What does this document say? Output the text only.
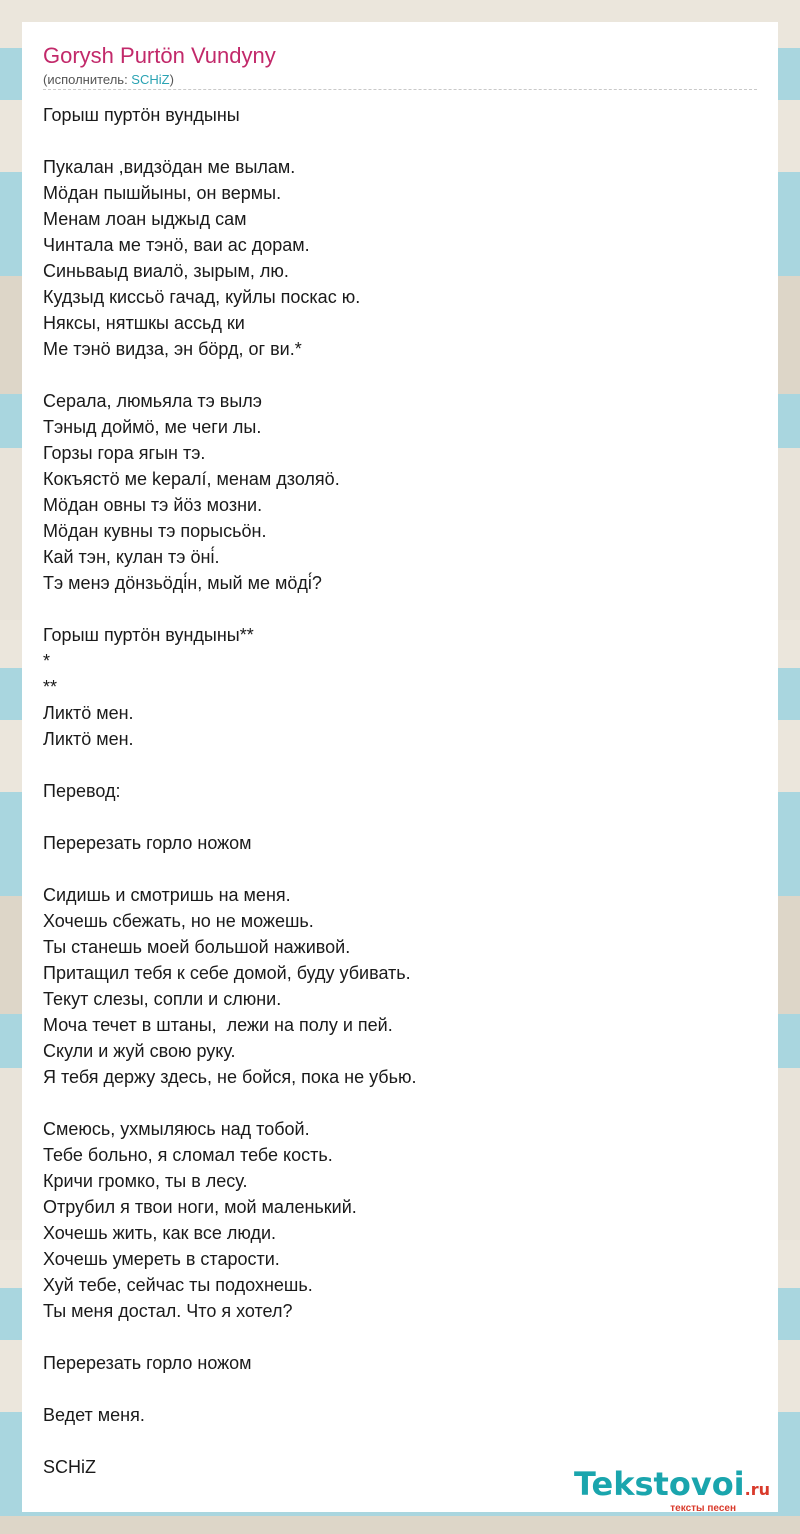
Gorysh Purtön Vundyny
(исполнитель: SCHiZ)
Горыш пуртöн вундыны
Пукалан ,видзöдан ме вылам.
Мöдан пышйыны, он вермы.
Менам лоан ыджыд сам
Чинтала ме тэнö, ваи ас дорам.
Синьваыд виалö, зырым, лю.
Кудзыд киссьö гачад, куйлы поскас ю.
Няксы, нятшкы ассьд ки
Ме тэнö видза, эн бöрд, ог ви.*
Серала, люмьяла тэ вылэ
Тэныд доймö, ме чеги лы.
Горзы гора ягын тэ.
Кокъястö ме keралí, менам дзоляö.
Мöдан овны тэ йöз мозни.
Мöдан кувны тэ порысьöн.
Кай тэн, кулан тэ öні́.
Тэ менэ дöнзьöді́н, мый ме мöді́?
Горыш пуртöн вундыны**
*
**
Ликтö мен.
Ликтö мен.
Перевод:
Перерезать горло ножом
Сидишь и смотришь на меня.
Хочешь сбежать, но не можешь.
Ты станешь моей большой наживой.
Притащил тебя к себе домой, буду убивать.
Текут слезы, сопли и слюни.
Моча течет в штаны,  лежи на полу и пей.
Скули и жуй свою руку.
Я тебя держу здесь, не бойся, пока не убью.
Смеюсь, ухмыляюсь над тобой.
Тебе больно, я сломал тебе кость.
Кричи громко, ты в лесу.
Отрубил я твои ноги, мой маленький.
Хочешь жить, как все люди.
Хочешь умереть в старости.
Хуй тебе, сейчас ты подохнешь.
Ты меня достал. Что я хотел?
Перерезать горло ножом
Ведет меня.
SCHiZ	Tekstovoi.ru
тексты песен
